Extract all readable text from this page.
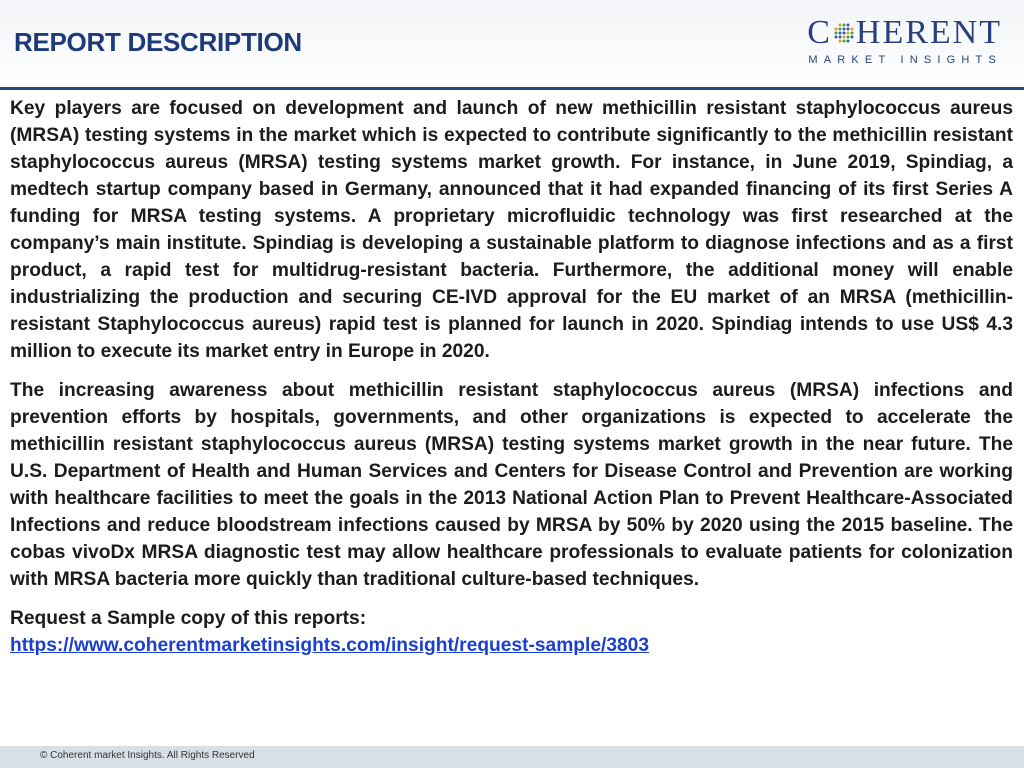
REPORT DESCRIPTION	C HERENT
MARKET INSIGHTS

Key players are focused on development and launch of new methicillin resistant staphylococcus aureus (MRSA) testing systems in the market which is expected to contribute significantly to the methicillin resistant staphylococcus aureus (MRSA) testing systems market growth. For instance, in June 2019, Spindiag, a medtech startup company based in Germany, announced that it had expanded financing of its first Series A funding for MRSA testing systems. A proprietary microfluidic technology was first researched at the company’s main institute. Spindiag is developing a sustainable platform to diagnose infections and as a first product, a rapid test for multidrug-resistant bacteria. Furthermore, the additional money will enable industrializing the production and securing CE-IVD approval for the EU market of an MRSA (methicillin-resistant Staphylococcus aureus) rapid test is planned for launch in 2020. Spindiag intends to use US$ 4.3 million to execute its market entry in Europe in 2020.

The increasing awareness about methicillin resistant staphylococcus aureus (MRSA) infections and prevention efforts by hospitals, governments, and other organizations is expected to accelerate the methicillin resistant staphylococcus aureus (MRSA) testing systems market growth in the near future. The U.S. Department of Health and Human Services and Centers for Disease Control and Prevention are working with healthcare facilities to meet the goals in the 2013 National Action Plan to Prevent Healthcare-Associated Infections and reduce bloodstream infections caused by MRSA by 50% by 2020 using the 2015 baseline. The cobas vivoDx MRSA diagnostic test may allow healthcare professionals to evaluate patients for colonization with MRSA bacteria more quickly than traditional culture-based techniques.

Request a Sample copy of this reports:
https://www.coherentmarketinsights.com/insight/request-sample/3803
© Coherent market Insights. All Rights Reserved
